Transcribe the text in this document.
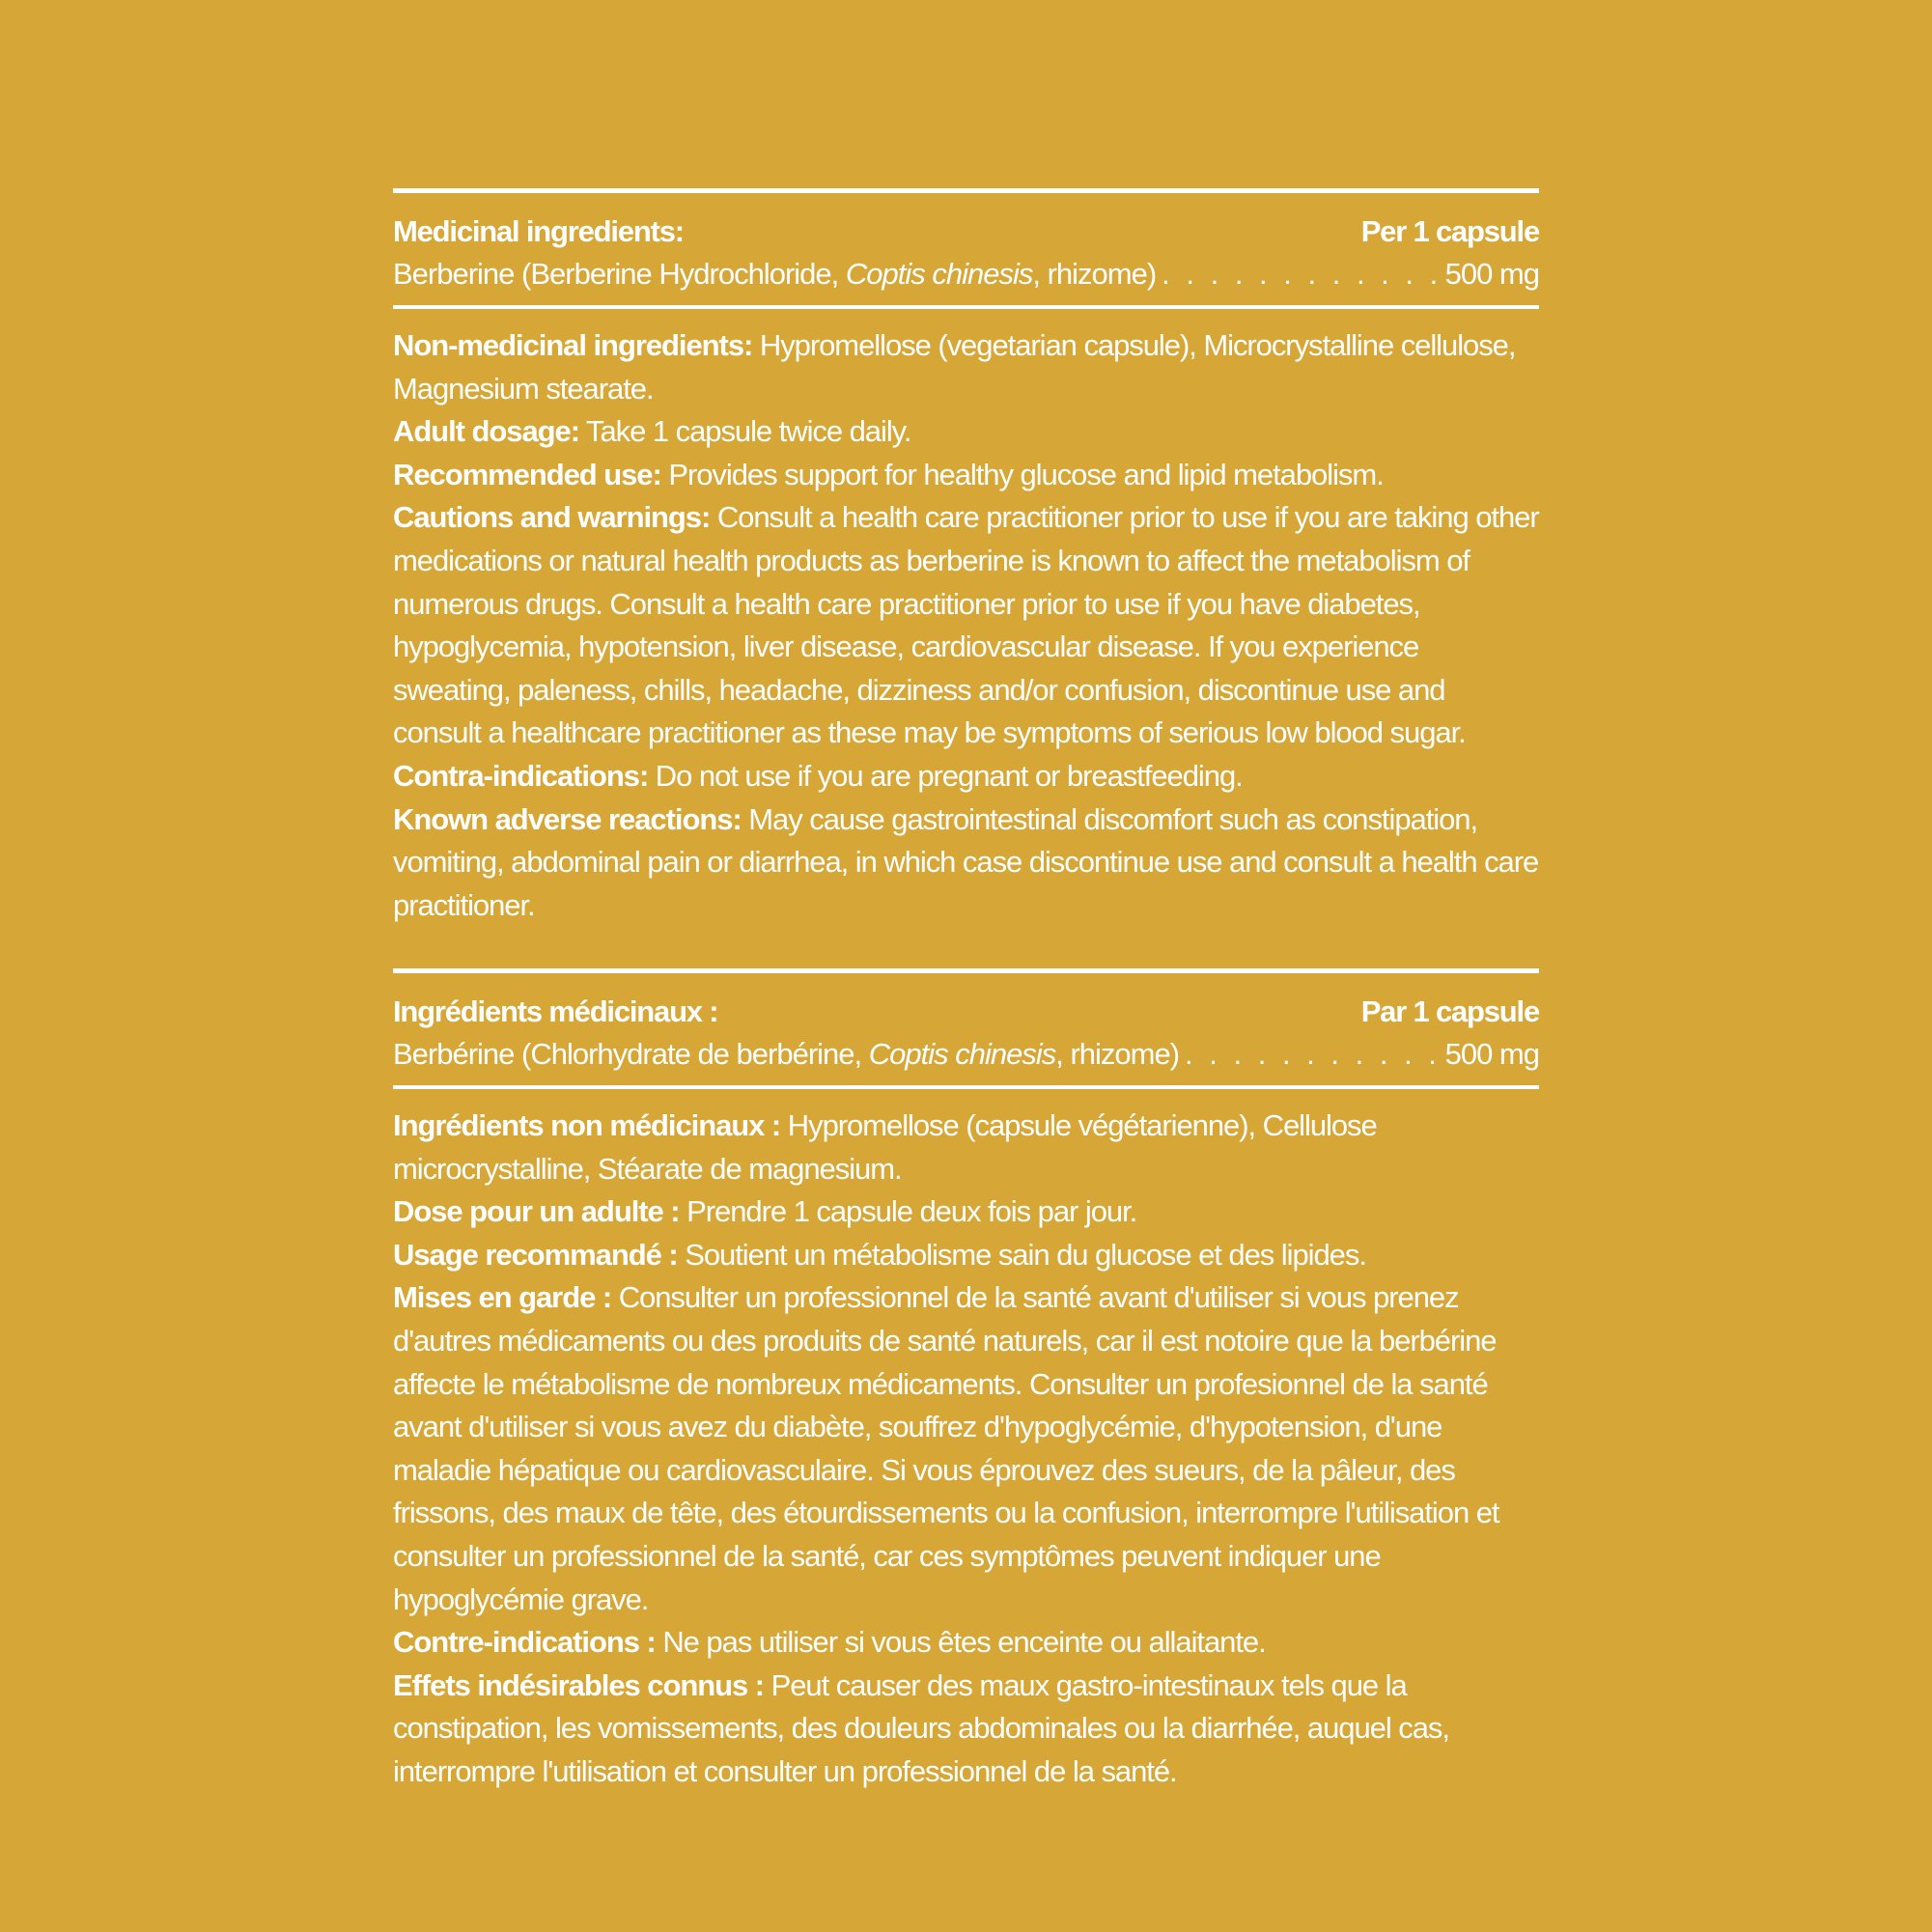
Medicinal ingredients:	Per 1 capsule
Berberine (Berberine Hydrochloride, Coptis chinesis, rhizome) . . .	500 mg

Non-medicinal ingredients: Hypromellose (vegetarian capsule), Microcrystalline cellulose, Magnesium stearate.

Adult dosage: Take 1 capsule twice daily.

Recommended use: Provides support for healthy glucose and lipid metabolism.

Cautions and warnings: Consult a health care practitioner prior to use if you are taking other medications or natural health products as berberine is known to affect the metabolism of numerous drugs. Consult a health care practitioner prior to use if you have diabetes, hypoglycemia, hypotension, liver disease, cardiovascular disease. If you experience sweating, paleness, chills, headache, dizziness and/or confusion, discontinue use and consult a healthcare practitioner as these may be symptoms of serious low blood sugar.

Contra-indications: Do not use if you are pregnant or breastfeeding.

Known adverse reactions: May cause gastrointestinal discomfort such as constipation, vomiting, abdominal pain or diarrhea, in which case discontinue use and consult a health care practitioner.

Ingrédients médicinaux :	Par 1 capsule
Berbérine (Chlorhydrate de berbérine, Coptis chinesis, rhizome) . . .	500 mg

Ingrédients non médicinaux : Hypromellose (capsule végétarienne), Cellulose microcrystalline, Stéarate de magnesium.

Dose pour un adulte : Prendre 1 capsule deux fois par jour.

Usage recommandé : Soutient un métabolisme sain du glucose et des lipides.

Mises en garde : Consulter un professionnel de la santé avant d'utiliser si vous prenez d'autres médicaments ou des produits de santé naturels, car il est notoire que la berbérine affecte le métabolisme de nombreux médicaments. Consulter un profesionnel de la santé avant d'utiliser si vous avez du diabète, souffrez d'hypoglycémie, d'hypotension, d'une maladie hépatique ou cardiovasculaire. Si vous éprouvez des sueurs, de la pâleur, des frissons, des maux de tête, des étourdissements ou la confusion, interrompre l'utilisation et consulter un professionnel de la santé, car ces symptômes peuvent indiquer une hypoglycémie grave.

Contre-indications : Ne pas utiliser si vous êtes enceinte ou allaitante.

Effets indésirables connus : Peut causer des maux gastro-intestinaux tels que la constipation, les vomissements, des douleurs abdominales ou la diarrhée, auquel cas, interrompre l'utilisation et consulter un professionnel de la santé.
